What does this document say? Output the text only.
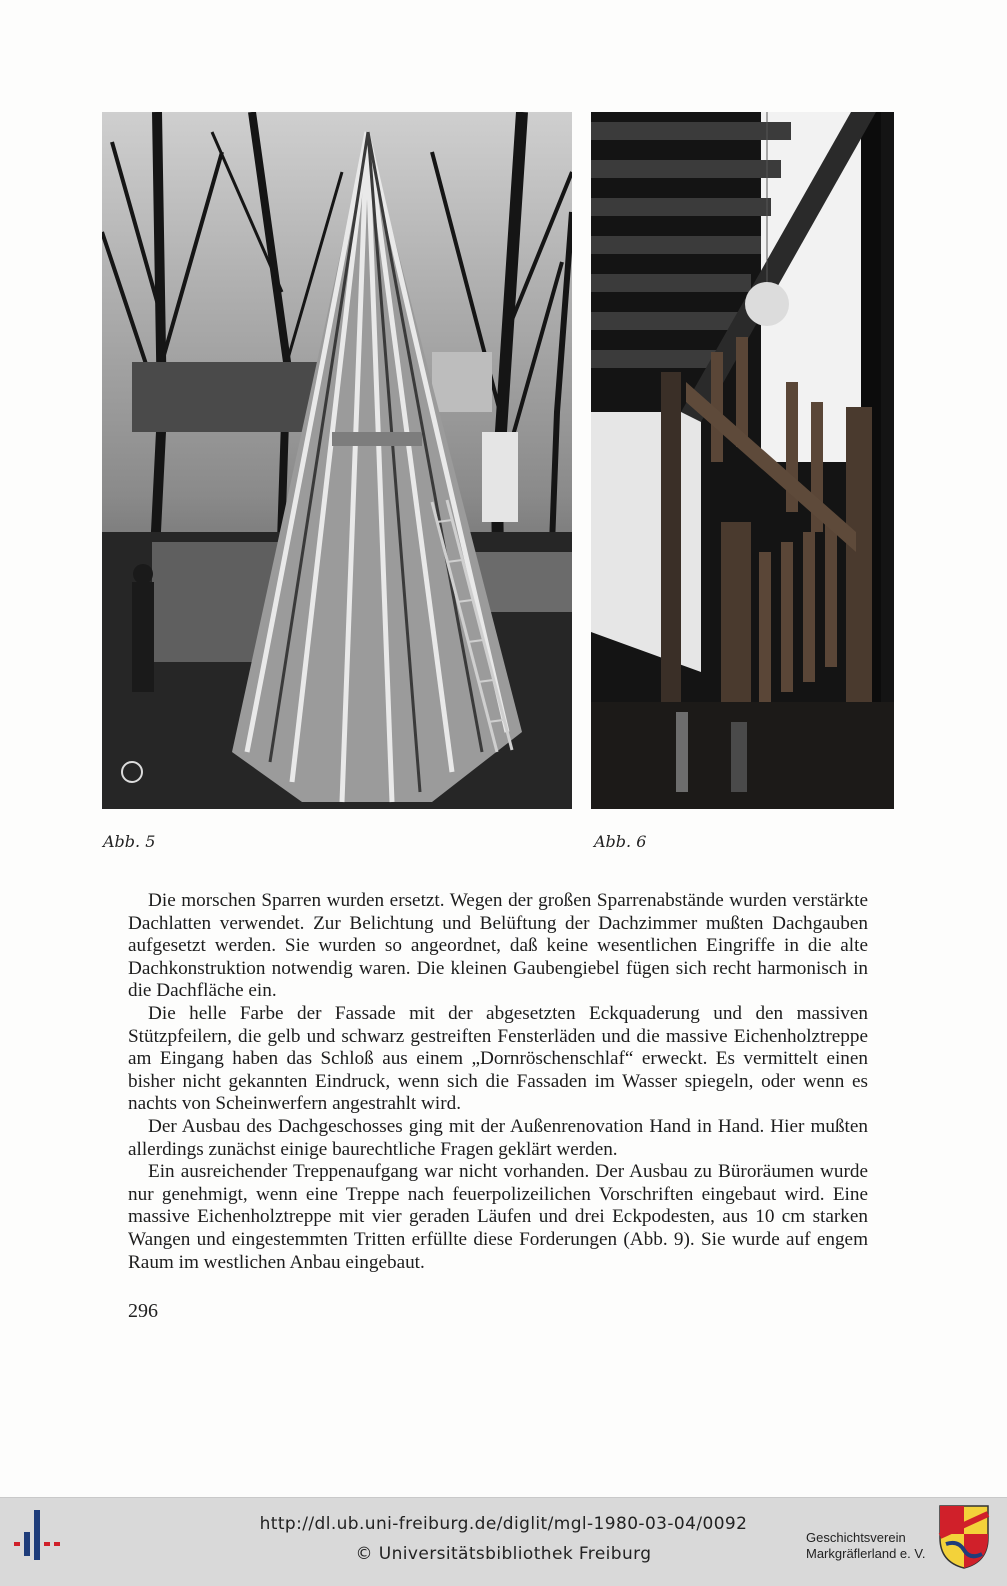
Abb. 5	Abb. 6

Die morschen Sparren wurden ersetzt. Wegen der großen Sparrenabstände wurden verstärkte Dachlatten verwendet. Zur Belichtung und Belüftung der Dachzimmer mußten Dachgauben aufgesetzt werden. Sie wurden so angeordnet, daß keine wesentlichen Eingriffe in die alte Dachkonstruktion notwendig waren. Die kleinen Gaubengiebel fügen sich recht harmonisch in die Dachfläche ein.

Die helle Farbe der Fassade mit der abgesetzten Eckquaderung und den massiven Stützpfeilern, die gelb und schwarz gestreiften Fensterläden und die massive Eichenholztreppe am Eingang haben das Schloß aus einem „Dornröschenschlaf“ erweckt. Es vermittelt einen bisher nicht gekannten Eindruck, wenn sich die Fassaden im Wasser spiegeln, oder wenn es nachts von Scheinwerfern angestrahlt wird.

Der Ausbau des Dachgeschosses ging mit der Außenrenovation Hand in Hand. Hier mußten allerdings zunächst einige baurechtliche Fragen geklärt werden.

Ein ausreichender Treppenaufgang war nicht vorhanden. Der Ausbau zu Büroräumen wurde nur genehmigt, wenn eine Treppe nach feuerpolizeilichen Vorschriften eingebaut wird. Eine massive Eichenholztreppe mit vier geraden Läufen und drei Eckpodesten, aus 10 cm starken Wangen und eingestemmten Tritten erfüllte diese Forderungen (Abb. 9). Sie wurde auf engem Raum im westlichen Anbau eingebaut.

296
http://dl.ub.uni-freiburg.de/diglit/mgl-1980-03-04/0092
© Universitätsbibliothek Freiburg
Geschichtsverein
Markgräflerland e. V.
